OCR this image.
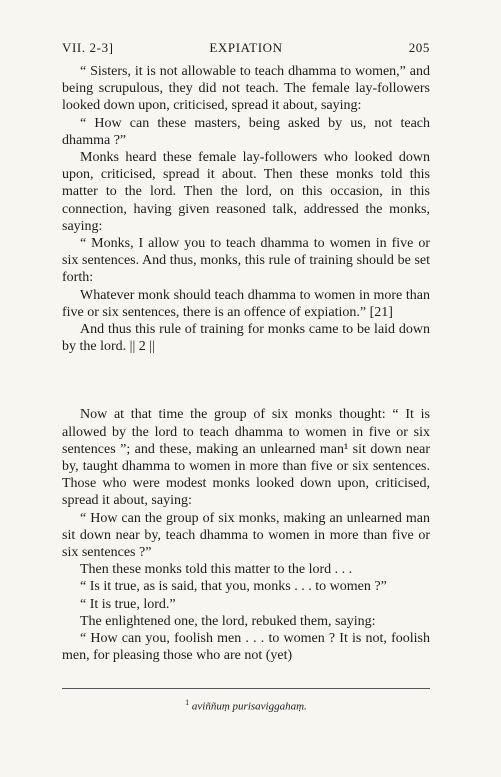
VII. 2-3]	EXPIATION	205

“ Sisters, it is not allowable to teach dhamma to women,” and being scrupulous, they did not teach. The female lay-followers looked down upon, criticised, spread it about, saying:

“ How can these masters, being asked by us, not teach dhamma ?”

Monks heard these female lay-followers who looked down upon, criticised, spread it about. Then these monks told this matter to the lord. Then the lord, on this occasion, in this connection, having given reasoned talk, addressed the monks, saying:

“ Monks, I allow you to teach dhamma to women in five or six sentences. And thus, monks, this rule of training should be set forth:

Whatever monk should teach dhamma to women in more than five or six sentences, there is an offence of expiation.” [21]

And thus this rule of training for monks came to be laid down by the lord. || 2 ||

Now at that time the group of six monks thought: “ It is allowed by the lord to teach dhamma to women in five or six sentences ”; and these, making an unlearned man¹ sit down near by, taught dhamma to women in more than five or six sentences. Those who were modest monks looked down upon, criticised, spread it about, saying:

“ How can the group of six monks, making an unlearned man sit down near by, teach dhamma to women in more than five or six sentences ?”

Then these monks told this matter to the lord . . .

“ Is it true, as is said, that you, monks . . . to women ?”

“ It is true, lord.”

The enlightened one, the lord, rebuked them, saying:

“ How can you, foolish men . . . to women ? It is not, foolish men, for pleasing those who are not (yet)

$^1$ aviññuṃ purisaviggahaṃ.
